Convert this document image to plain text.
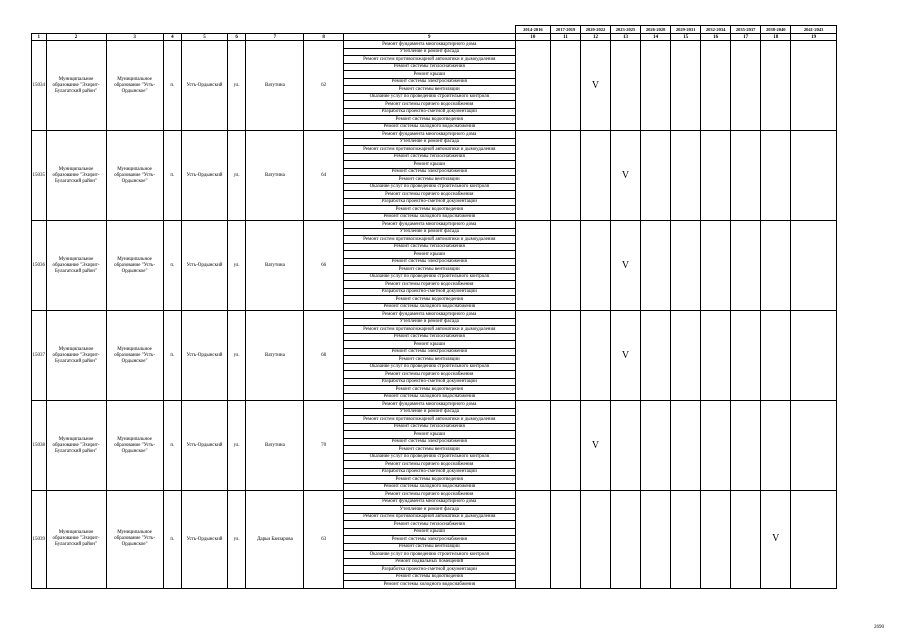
									2014-2016	2017-2019	2020-2022	2023-2025	2026-2028	2029-2031	2032-2034	2035-2037	2038-2040	2041-2043
1	2	3	4	5	6	7	8	9	10	11	12	13	14	15	16	17	18	19
15034	Муниципальное образование "Эхирит-Булагатский район"	Муниципальное образование "Усть-Ордынское"	п.	Усть-Ордынский	ул.	Ватутина	62	Ремонт фундамента многоквартирного дома			V							
								Утепление и ремонт фасада										
								Ремонт систем противопожарной автоматики и дымоудаления										
								Ремонт системы теплоснабжения										
								Ремонт крыши										
								Ремонт системы электроснабжения										
								Ремонт системы вентиляции										
								Оказание услуг по проведению строительного контроля										
								Ремонт системы горячего водоснабжения										
								Разработка проектно-сметной документации										
								Ремонт системы водоотведения										
								Ремонт системы холодного водоснабжения										
15035	Муниципальное образование "Эхирит-Булагатский район"	Муниципальное образование "Усть-Ордынское"	п.	Усть-Ордынский	ул.	Ватутина	64	Ремонт фундамента многоквартирного дома				V						
								Утепление и ремонт фасада										
								Ремонт систем противопожарной автоматики и дымоудаления										
								Ремонт системы теплоснабжения										
								Ремонт крыши										
								Ремонт системы электроснабжения										
								Ремонт системы вентиляции										
								Оказание услуг по проведению строительного контроля										
								Ремонт системы горячего водоснабжения										
								Разработка проектно-сметной документации										
								Ремонт системы водоотведения										
								Ремонт системы холодного водоснабжения										
15036	Муниципальное образование "Эхирит-Булагатский район"	Муниципальное образование "Усть-Ордынское"	п.	Усть-Ордынский	ул.	Ватутина	66	Ремонт фундамента многоквартирного дома				V						
								Утепление и ремонт фасада										
								Ремонт систем противопожарной автоматики и дымоудаления										
								Ремонт системы теплоснабжения										
								Ремонт крыши										
								Ремонт системы электроснабжения										
								Ремонт системы вентиляции										
								Оказание услуг по проведению строительного контроля										
								Ремонт системы горячего водоснабжения										
								Разработка проектно-сметной документации										
								Ремонт системы водоотведения										
								Ремонт системы холодного водоснабжения										
15037	Муниципальное образование "Эхирит-Булагатский район"	Муниципальное образование "Усть-Ордынское"	п.	Усть-Ордынский	ул.	Ватутина	68	Ремонт фундамента многоквартирного дома				V						
								Утепление и ремонт фасада										
								Ремонт систем противопожарной автоматики и дымоудаления										
								Ремонт системы теплоснабжения										
								Ремонт крыши										
								Ремонт системы электроснабжения										
								Ремонт системы вентиляции										
								Оказание услуг по проведению строительного контроля										
								Ремонт системы горячего водоснабжения										
								Разработка проектно-сметной документации										
								Ремонт системы водоотведения										
								Ремонт системы холодного водоснабжения										
15038	Муниципальное образование "Эхирит-Булагатский район"	Муниципальное образование "Усть-Ордынское"	п.	Усть-Ордынский	ул.	Ватутина	70	Ремонт фундамента многоквартирного дома			V							
								Утепление и ремонт фасада										
								Ремонт систем противопожарной автоматики и дымоудаления										
								Ремонт системы теплоснабжения										
								Ремонт крыши										
								Ремонт системы электроснабжения										
								Ремонт системы вентиляции										
								Оказание услуг по проведению строительного контроля										
								Ремонт системы горячего водоснабжения										
								Разработка проектно-сметной документации										
								Ремонт системы водоотведения										
								Ремонт системы холодного водоснабжения										
15039	Муниципальное образование "Эхирит-Булагатский район"	Муниципальное образование "Усть-Ордынское"	п.	Усть-Ордынский	ул.	Дарьи Банзарова	63	Ремонт системы горячего водоснабжения									V	
								Ремонт фундамента многоквартирного дома										
								Утепление и ремонт фасада										
								Ремонт систем противопожарной автоматики и дымоудаления										
								Ремонт системы теплоснабжения										
								Ремонт крыши										
								Ремонт системы электроснабжения										
								Ремонт системы вентиляции										
								Оказание услуг по проведению строительного контроля										
								Ремонт подвальных помещений										
								Разработка проектно-сметной документации										
								Ремонт системы водоотведения										
								Ремонт системы холодного водоснабжения										
2690
